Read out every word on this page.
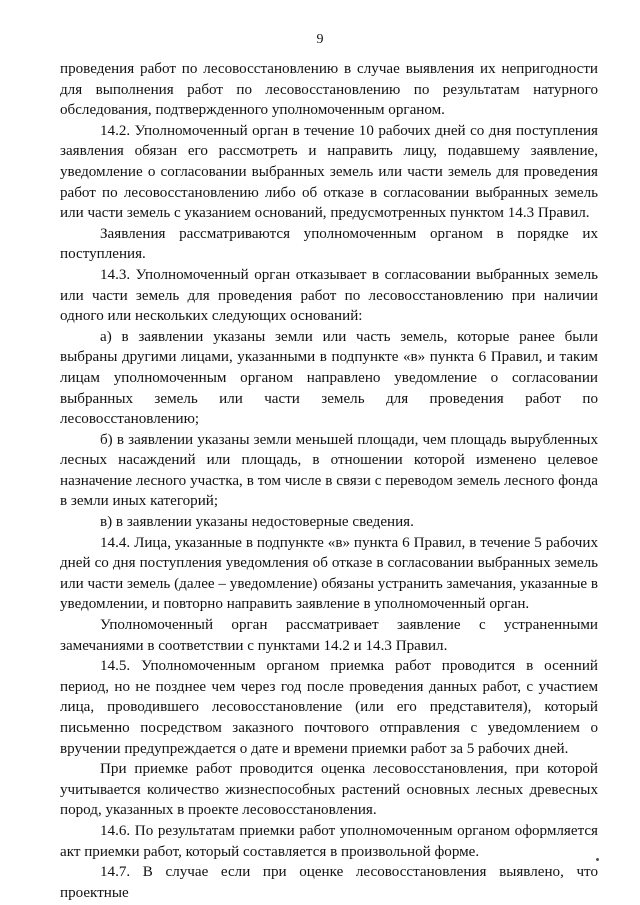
9

проведения работ по лесовосстановлению в случае выявления их непригодности для выполнения работ по лесовосстановлению по результатам натурного обследования, подтвержденного уполномоченным органом.

14.2. Уполномоченный орган в течение 10 рабочих дней со дня поступления заявления обязан его рассмотреть и направить лицу, подавшему заявление, уведомление о согласовании выбранных земель или части земель для проведения работ по лесовосстановлению либо об отказе в согласовании выбранных земель или части земель с указанием оснований, предусмотренных пунктом 14.3 Правил.

Заявления рассматриваются уполномоченным органом в порядке их поступления.

14.3. Уполномоченный орган отказывает в согласовании выбранных земель или части земель для проведения работ по лесовосстановлению при наличии одного или нескольких следующих оснований:

а) в заявлении указаны земли или часть земель, которые ранее были выбраны другими лицами, указанными в подпункте «в» пункта 6 Правил, и таким лицам уполномоченным органом направлено уведомление о согласовании выбранных земель или части земель для проведения работ по лесовосстановлению;

б) в заявлении указаны земли меньшей площади, чем площадь вырубленных лесных насаждений или площадь, в отношении которой изменено целевое назначение лесного участка, в том числе в связи с переводом земель лесного фонда в земли иных категорий;

в) в заявлении указаны недостоверные сведения.

14.4. Лица, указанные в подпункте «в» пункта 6 Правил, в течение 5 рабочих дней со дня поступления уведомления об отказе в согласовании выбранных земель или части земель (далее – уведомление) обязаны устранить замечания, указанные в уведомлении, и повторно направить заявление в уполномоченный орган.

Уполномоченный орган рассматривает заявление с устраненными замечаниями в соответствии с пунктами 14.2 и 14.3 Правил.

14.5. Уполномоченным органом приемка работ проводится в осенний период, но не позднее чем через год после проведения данных работ, с участием лица, проводившего лесовосстановление (или его представителя), который письменно посредством заказного почтового отправления с уведомлением о вручении предупреждается о дате и времени приемки работ за 5 рабочих дней.

При приемке работ проводится оценка лесовосстановления, при которой учитывается количество жизнеспособных растений основных лесных древесных пород, указанных в проекте лесовосстановления.

14.6. По результатам приемки работ уполномоченным органом оформляется акт приемки работ, который составляется в произвольной форме.

14.7. В случае если при оценке лесовосстановления выявлено, что проектные
